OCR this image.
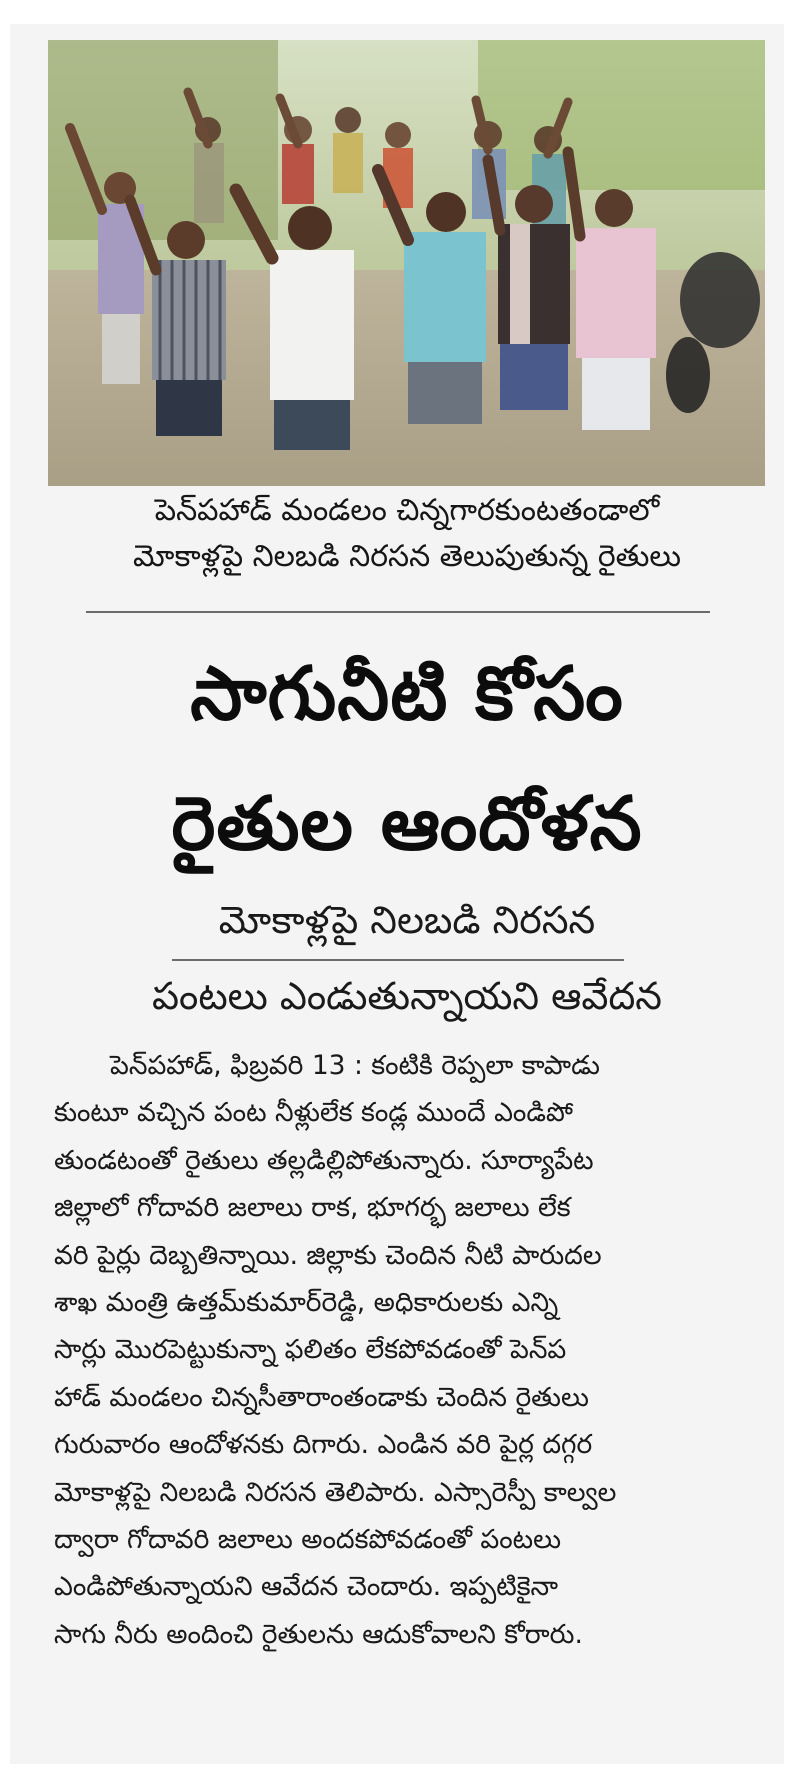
పెన్‌పహాడ్‌ మండలం చిన్నగారకుంటతండాలో
మోకాళ్లపై నిలబడి నిరసన తెలుపుతున్న రైతులు
సాగునీటి కోసం
రైతుల ఆందోళన
మోకాళ్లపై నిలబడి నిరసన
పంటలు ఎండుతున్నాయని ఆవేదన
పెన్‌పహాడ్‌, ఫిబ్రవరి 13 : కంటికి రెప్పలా కాపాడు
కుంటూ వచ్చిన పంట నీళ్లులేక కండ్ల ముందే ఎండిపో
తుండటంతో రైతులు తల్లడిల్లిపోతున్నారు. సూర్యాపేట
జిల్లాలో గోదావరి జలాలు రాక, భూగర్భ జలాలు లేక
వరి పైర్లు దెబ్బతిన్నాయి. జిల్లాకు చెందిన నీటి పారుదల
శాఖ మంత్రి ఉత్తమ్‌కుమార్‌రెడ్డి, అధికారులకు ఎన్ని
సార్లు మొరపెట్టుకున్నా ఫలితం లేకపోవడంతో పెన్‌ప
హాడ్‌ మండలం చిన్నసీతారాంతండాకు చెందిన రైతులు
గురువారం ఆందోళనకు దిగారు. ఎండిన వరి పైర్ల దగ్గర
మోకాళ్లపై నిలబడి నిరసన తెలిపారు. ఎస్సారెస్పీ కాల్వల
ద్వారా గోదావరి జలాలు అందకపోవడంతో పంటలు
ఎండిపోతున్నాయని ఆవేదన చెందారు. ఇప్పటికైనా
సాగు నీరు అందించి రైతులను ఆదుకోవాలని కోరారు.
